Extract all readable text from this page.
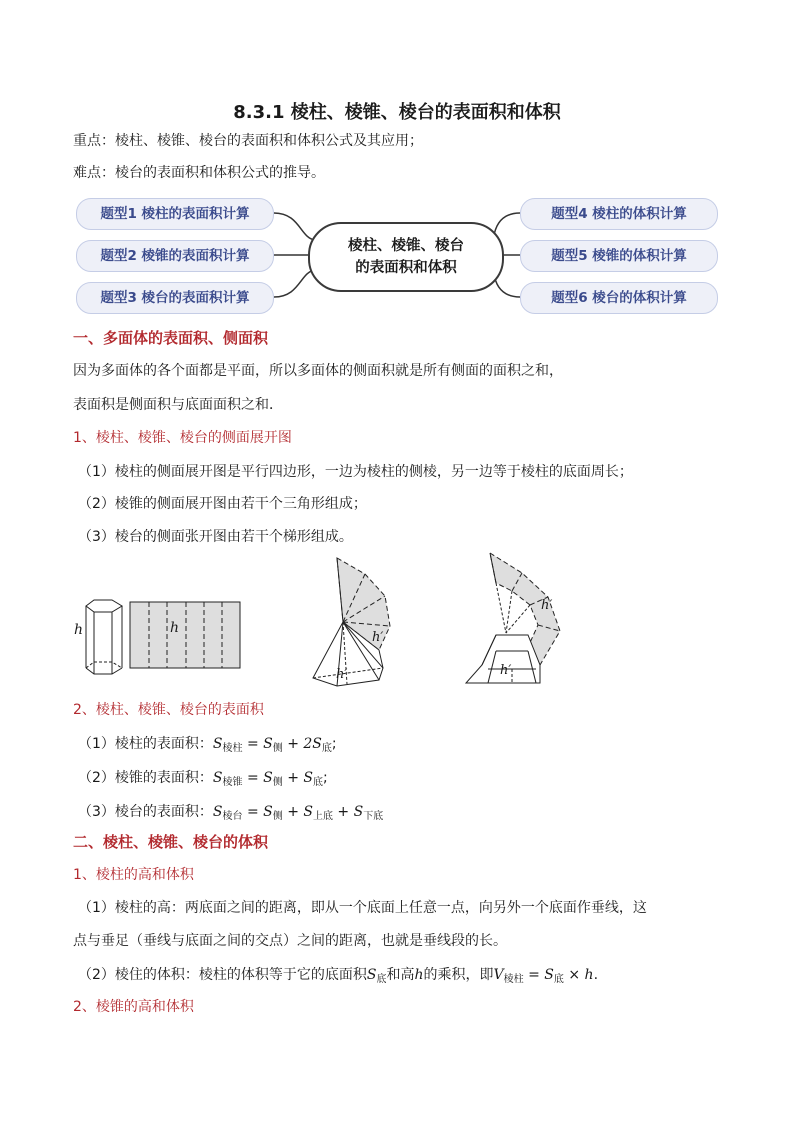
8.3.1 棱柱、棱锥、棱台的表面积和体积
重点：棱柱、棱锥、棱台的表面积和体积公式及其应用；
难点：棱台的表面积和体积公式的推导。
题型1 棱柱的表面积计算
题型2 棱锥的表面积计算
题型3 棱台的表面积计算
棱柱、棱锥、棱台
的表面积和体积
题型4 棱柱的体积计算
题型5 棱锥的体积计算
题型6 棱台的体积计算
一、多面体的表面积、侧面积
因为多面体的各个面都是平面，所以多面体的侧面积就是所有侧面的面积之和，
表面积是侧面积与底面面积之和．
1、棱柱、棱锥、棱台的侧面展开图
（1）棱柱的侧面展开图是平行四边形，一边为棱柱的侧棱，另一边等于棱柱的底面周长；
（2）棱锥的侧面展开图由若干个三角形组成；
（3）棱台的侧面张开图由若干个梯形组成。
h	h
h′
h′
h′
h′
2、棱柱、棱锥、棱台的表面积
（1）棱柱的表面积：$S_{棱柱} = S_侧 + 2S_底$;
（2）棱锥的表面积：$S_{棱锥} = S_侧 + S_底$;
（3）棱台的表面积：$S_{棱台} = S_侧 + S_{上底} + S_{下底}$
二、棱柱、棱锥、棱台的体积
1、棱柱的高和体积
（1）棱柱的高：两底面之间的距离，即从一个底面上任意一点，向另外一个底面作垂线，这
点与垂足（垂线与底面之间的交点）之间的距离，也就是垂线段的长。
（2）棱住的体积：棱柱的体积等于它的底面积$S_底$和高h的乘积，即$V_{棱柱} = S_底 \times h$.
2、棱锥的高和体积
